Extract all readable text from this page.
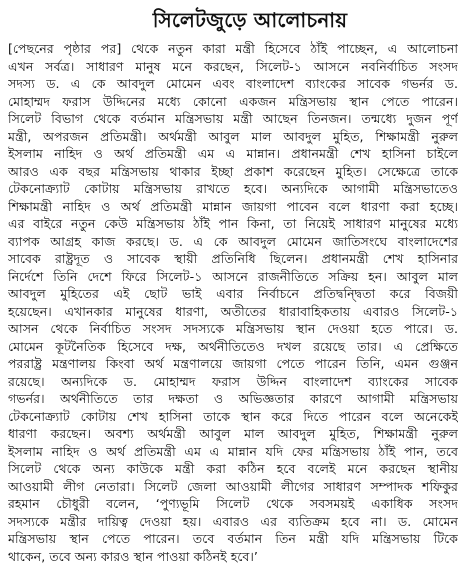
সিলেটজুড়ে আলোচনায়
[পেছনের পৃষ্ঠার পর] থেকে নতুন কারা মন্ত্রী হিসেবে ঠাঁই পাচ্ছেন, এ আলোচনা
এখন সর্বত্র। সাধারণ মানুষ মনে করছেন, সিলেট-১ আসনে নবনির্বাচিত সংসদ
সদস্য ড. এ কে আবদুল মোমেন এবং বাংলাদেশ ব্যাংকের সাবেক গভর্নর ড.
মোহাম্মদ ফরাস উদ্দিনের মধ্যে কোনো একজন মন্ত্রিসভায় স্থান পেতে পারেন।
সিলেট বিভাগ থেকে বর্তমান মন্ত্রিসভায় মন্ত্রী আছেন তিনজন। তন্মধ্যে দুজন পূর্ণ
মন্ত্রী, অপরজন প্রতিমন্ত্রী। অর্থমন্ত্রী আবুল মাল আবদুল মুহিত, শিক্ষামন্ত্রী নুরুল
ইসলাম নাহিদ ও অর্থ প্রতিমন্ত্রী এম এ মান্নান। প্রধানমন্ত্রী শেখ হাসিনা চাইলে
আরও এক বছর মন্ত্রিসভায় থাকার ইচ্ছা প্রকাশ করেছেন মুহিত। সেক্ষেত্রে তাকে
টেকনোক্র্যাট কোটায় মন্ত্রিসভায় রাখতে হবে। অন্যদিকে আগামী মন্ত্রিসভাতেও
শিক্ষামন্ত্রী নাহিদ ও অর্থ প্রতিমন্ত্রী মান্নান জায়গা পাবেন বলে ধারণা করা হচ্ছে।
এর বাইরে নতুন কেউ মন্ত্রিসভায় ঠাঁই পান কিনা, তা নিয়েই সাধারণ মানুষের মধ্যে
ব্যাপক আগ্রহ কাজ করছে। ড. এ কে আবদুল মোমেন জাতিসংঘে বাংলাদেশের
সাবেক রাষ্ট্রদূত ও সাবেক স্থায়ী প্রতিনিধি ছিলেন। প্রধানমন্ত্রী শেখ হাসিনার
নির্দেশে তিনি দেশে ফিরে সিলেট-১ আসনে রাজনীতিতে সক্রিয় হন। আবুল মাল
আবদুল মুহিতের এই ছোট ভাই এবার নির্বাচনে প্রতিদ্বন্দ্বিতা করে বিজয়ী
হয়েছেন। এখানকার মানুষের ধারণা, অতীতের ধারাবাহিকতায় এবারও সিলেট-১
আসন থেকে নির্বাচিত সংসদ সদস্যকে মন্ত্রিসভায় স্থান দেওয়া হতে পারে। ড.
মোমেন কূটনৈতিক হিসেবে দক্ষ, অর্থনীতিতেও দখল রয়েছে তার। এ প্রেক্ষিতে
পররাষ্ট্র মন্ত্রণালয় কিংবা অর্থ মন্ত্রণালয়ে জায়গা পেতে পারেন তিনি, এমন গুঞ্জন
রয়েছে। অন্যদিকে ড. মোহাম্মদ ফরাস উদ্দিন বাংলাদেশ ব্যাংকের সাবেক
গভর্নর। অর্থনীতিতে তার দক্ষতা ও অভিজ্ঞতার কারণে আগামী মন্ত্রিসভায়
টেকনোক্র্যাট কোটায় শেখ হাসিনা তাকে স্থান করে দিতে পারেন বলে অনেকেই
ধারণা করছেন। অবশ্য অর্থমন্ত্রী আবুল মাল আবদুল মুহিত, শিক্ষামন্ত্রী নুরুল
ইসলাম নাহিদ ও অর্থ প্রতিমন্ত্রী এম এ মান্নান যদি ফের মন্ত্রিসভায় ঠাঁই পান, তবে
সিলেট থেকে অন্য কাউকে মন্ত্রী করা কঠিন হবে বলেই মনে করছেন স্থানীয়
আওয়ামী লীগ নেতারা। সিলেট জেলা আওয়ামী লীগের সাধারণ সম্পাদক শফিকুর
রহমান চৌধুরী বলেন, ‘পুণ্যভূমি সিলেট থেকে সবসময়ই একাধিক সংসদ
সদস্যকে মন্ত্রীর দায়িত্ব দেওয়া হয়। এবারও এর ব্যতিক্রম হবে না। ড. মোমেন
মন্ত্রিসভায় স্থান পেতে পারেন। তবে বর্তমান তিন মন্ত্রী যদি মন্ত্রিসভায় টিকে
থাকেন, তবে অন্য কারও স্থান পাওয়া কঠিনই হবে।’
